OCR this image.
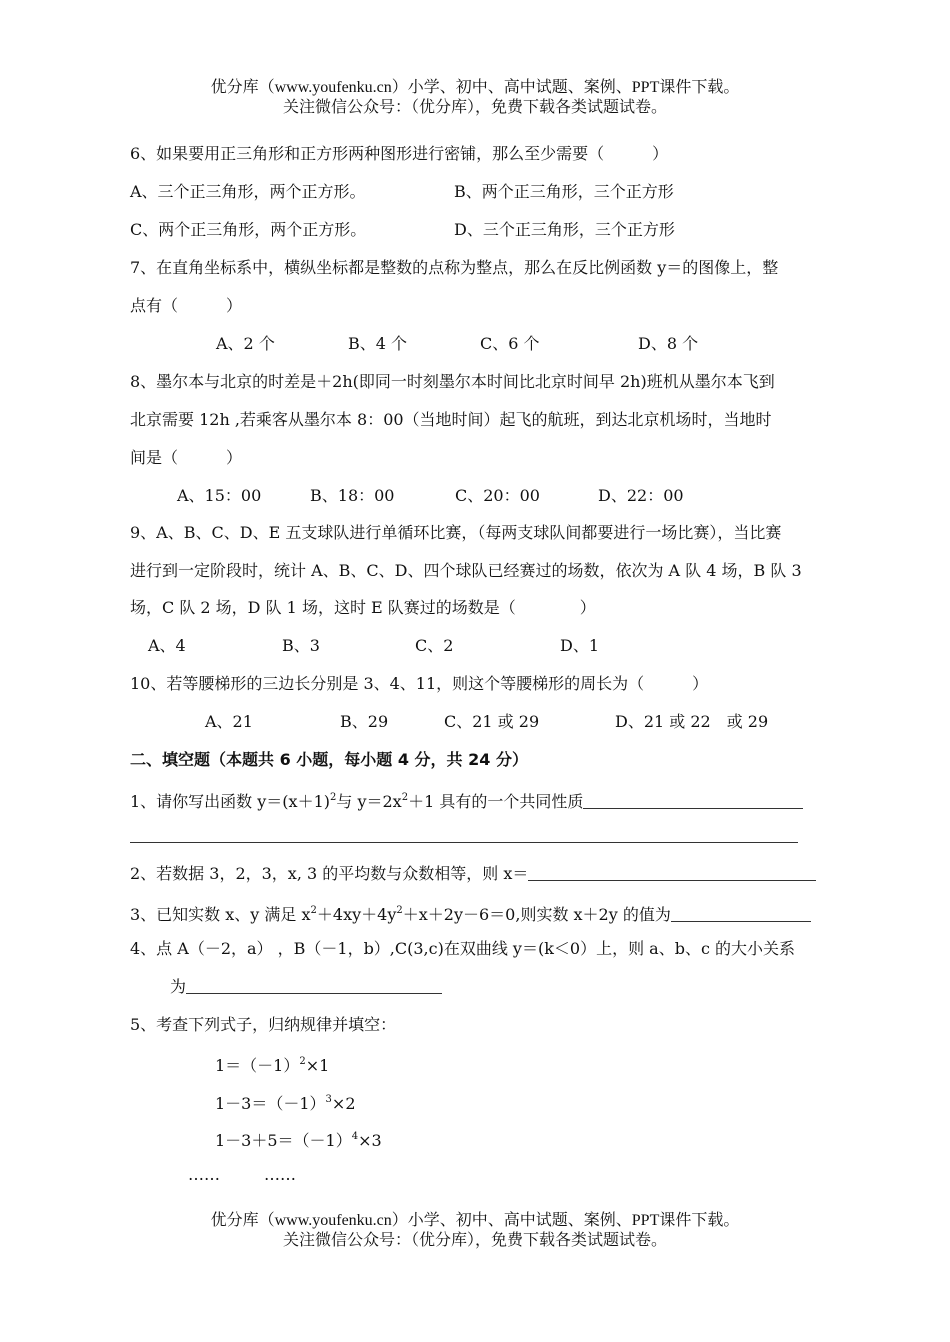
优分库（www.youfenku.cn）小学、初中、高中试题、案例、PPT课件下载。
关注微信公众号：（优分库），免费下载各类试题试卷。
6、如果要用正三角形和正方形两种图形进行密铺，那么至少需要（　　　）
A、三个正三角形，两个正方形。	B、两个正三角形，三个正方形
C、两个正三角形，两个正方形。	D、三个正三角形，三个正方形
7、在直角坐标系中，横纵坐标都是整数的点称为整点，那么在反比例函数 y＝的图像上，整
点有（　　　）
A、2 个	B、4 个	C、6 个	D、8 个
8、墨尔本与北京的时差是＋2h(即同一时刻墨尔本时间比北京时间早 2h)班机从墨尔本飞到
北京需要 12h ,若乘客从墨尔本 8：00（当地时间）起飞的航班，到达北京机场时，当地时
间是（　　　）
A、15：00	B、18：00	C、20：00	D、22：00
9、A、B、C、D、E 五支球队进行单循环比赛，（每两支球队间都要进行一场比赛），当比赛
进行到一定阶段时，统计 A、B、C、D、四个球队已经赛过的场数，依次为 A 队 4 场，B 队 3
场，C 队 2 场，D 队 1 场，这时 E 队赛过的场数是（　　　　）
A、4	B、3	C、2	D、1
10、若等腰梯形的三边长分别是 3、4、11，则这个等腰梯形的周长为（　　　）
A、21	B、29	C、21 或 29	D、21 或 22　或 29
二、填空题（本题共 6 小题，每小题 4 分，共 24 分）
1、请你写出函数 $y=(x+1)^2$与 $y=2x^2+1$ 具有的一个共同性质
2、若数据 3，2，3，x, 3 的平均数与众数相等，则 x＝
3、已知实数 x、y 满足 $x^2+4xy+4y^2+x+2y-6=0$,则实数 x＋2y 的值为
4、点 A（－2，a） ，B（－1，b）,C(3,c)在双曲线 y＝(k＜0）上，则 a、b、c 的大小关系
为
5、考查下列式子，归纳规律并填空：
$1=(-1)^2\times 1$
$1-3=(-1)^3\times 2$
$1-3+5=(-1)^4\times 3$
……	……
优分库（www.youfenku.cn）小学、初中、高中试题、案例、PPT课件下载。
关注微信公众号：（优分库），免费下载各类试题试卷。
